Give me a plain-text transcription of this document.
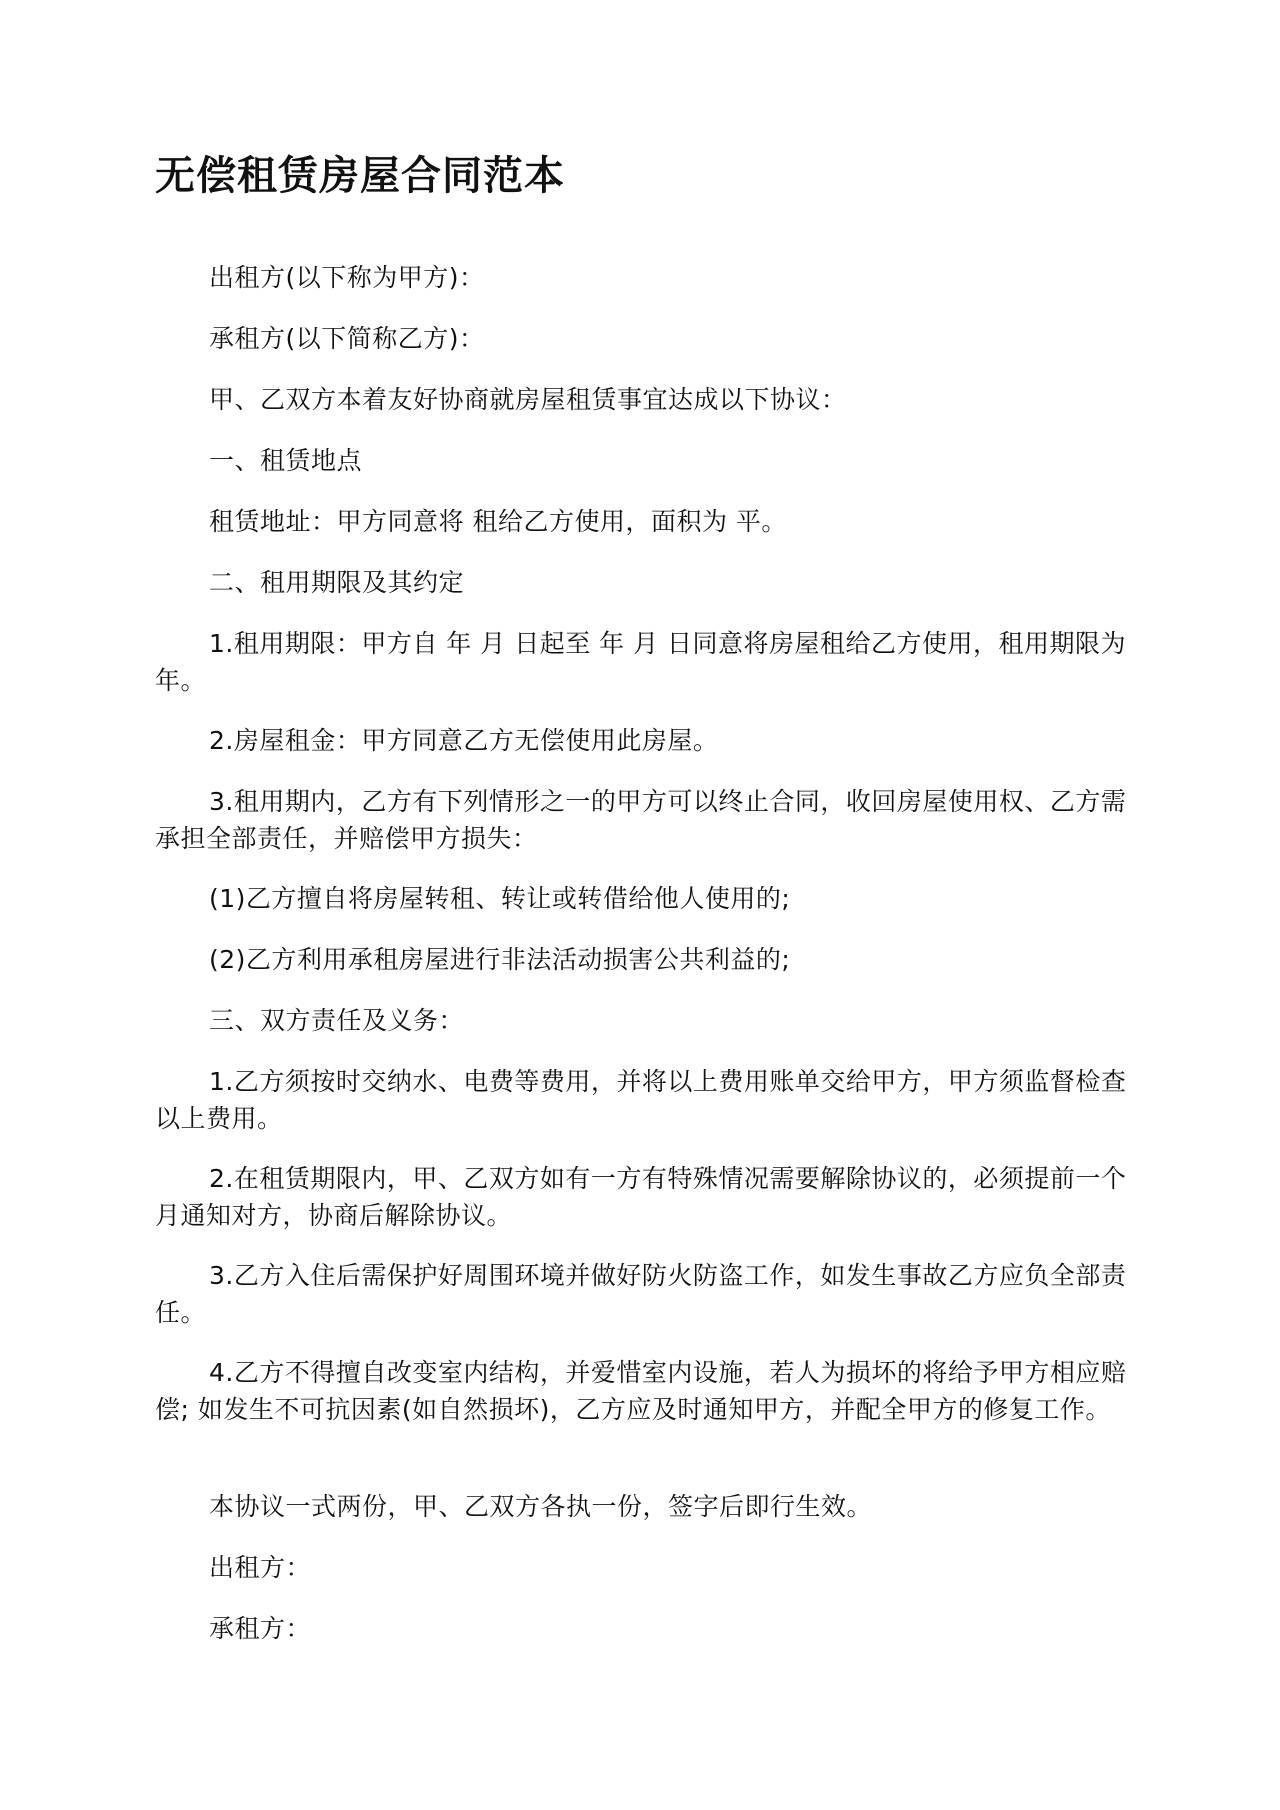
无偿租赁房屋合同范本

出租方(以下称为甲方)：

承租方(以下简称乙方)：

甲、乙双方本着友好协商就房屋租赁事宜达成以下协议：

一、租赁地点

租赁地址：甲方同意将 租给乙方使用，面积为 平。

二、租用期限及其约定

1.租用期限：甲方自 年 月 日起至 年 月 日同意将房屋租给乙方使用，租用期限为 年。

2.房屋租金：甲方同意乙方无偿使用此房屋。

3.租用期内，乙方有下列情形之一的甲方可以终止合同，收回房屋使用权、乙方需承担全部责任，并赔偿甲方损失：

(1)乙方擅自将房屋转租、转让或转借给他人使用的;

(2)乙方利用承租房屋进行非法活动损害公共利益的;

三、双方责任及义务：

1.乙方须按时交纳水、电费等费用，并将以上费用账单交给甲方，甲方须监督检查以上费用。

2.在租赁期限内，甲、乙双方如有一方有特殊情况需要解除协议的，必须提前一个月通知对方，协商后解除协议。

3.乙方入住后需保护好周围环境并做好防火防盗工作，如发生事故乙方应负全部责任。

4.乙方不得擅自改变室内结构，并爱惜室内设施，若人为损坏的将给予甲方相应赔偿; 如发生不可抗因素(如自然损坏)，乙方应及时通知甲方，并配全甲方的修复工作。

本协议一式两份，甲、乙双方各执一份，签字后即行生效。

出租方：

承租方：
